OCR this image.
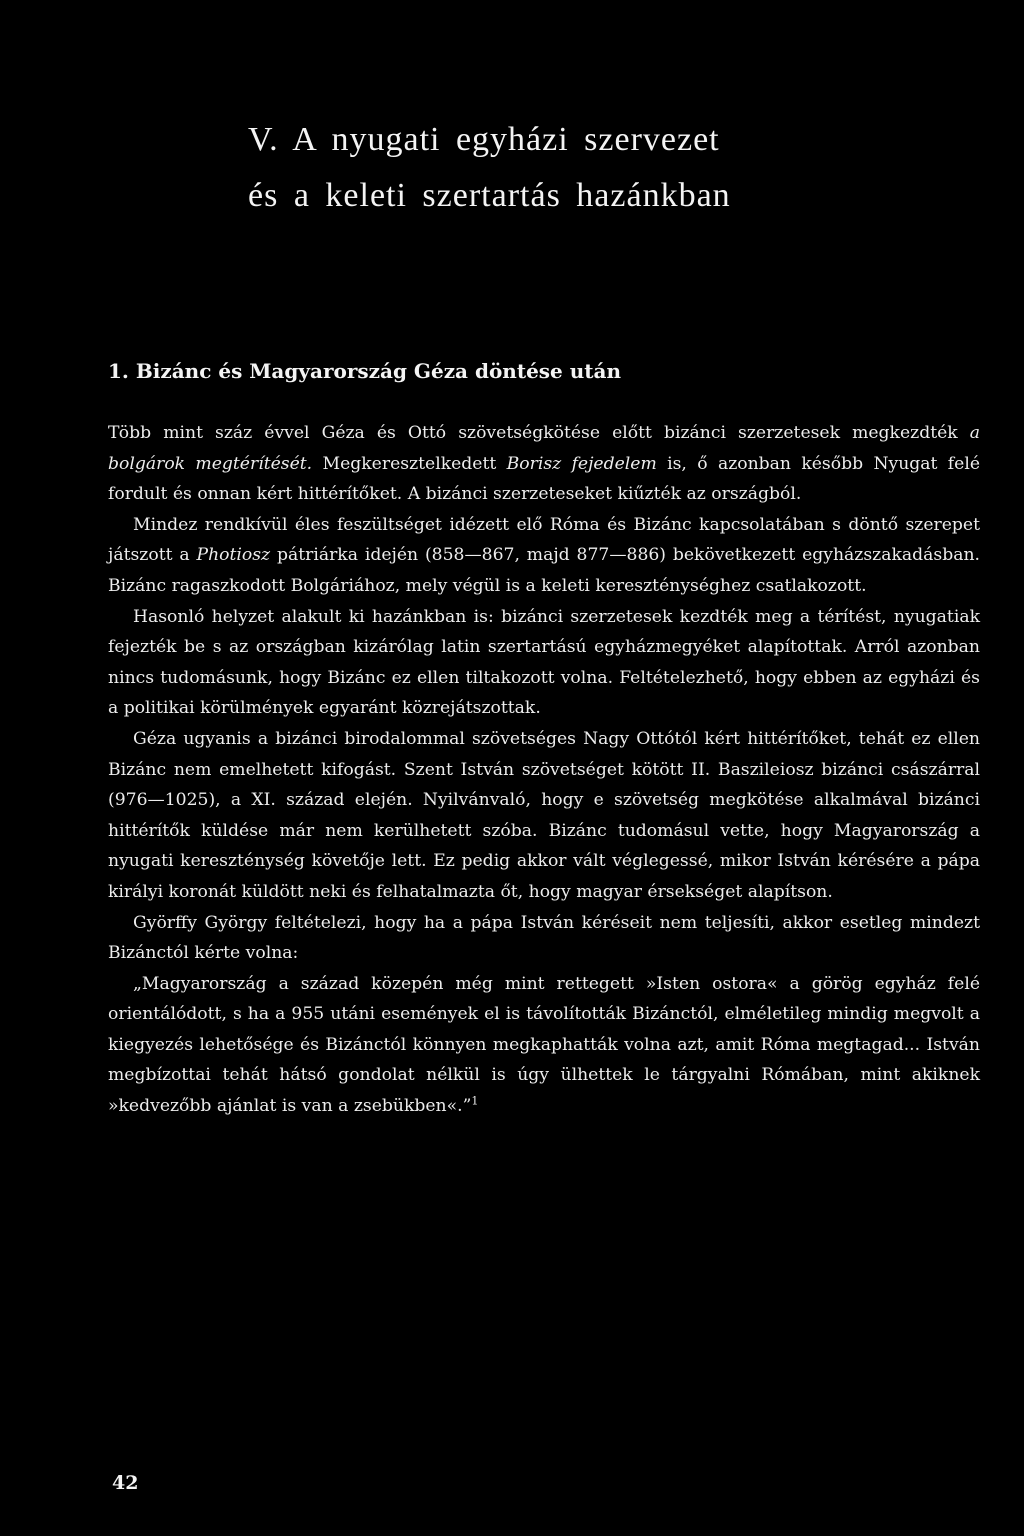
V. A nyugati egyházi szervezet
és a keleti szertartás hazánkban
1. Bizánc és Magyarország Géza döntése után

Több mint száz évvel Géza és Ottó szövetségkötése előtt bizánci szerzetesek megkezdték a bolgárok megtérítését. Megkeresztelkedett Borisz fejedelem is, ő azonban később Nyugat felé fordult és onnan kért hittérítőket. A bizánci szerzeteseket kiűzték az országból.

Mindez rendkívül éles feszültséget idézett elő Róma és Bizánc kapcsolatában s döntő szerepet játszott a Photiosz pátriárka idején (858—867, majd 877—886) bekövetkezett egyházszakadásban. Bizánc ragaszkodott Bolgáriához, mely végül is a keleti kereszténységhez csatlakozott.

Hasonló helyzet alakult ki hazánkban is: bizánci szerzetesek kezdték meg a térítést, nyugatiak fejezték be s az országban kizárólag latin szertartású egyházmegyéket alapítottak. Arról azonban nincs tudomásunk, hogy Bizánc ez ellen tiltakozott volna. Feltételezhető, hogy ebben az egyházi és a politikai körülmények egyaránt közrejátszottak.

Géza ugyanis a bizánci birodalommal szövetséges Nagy Ottótól kért hittérítőket, tehát ez ellen Bizánc nem emelhetett kifogást. Szent István szövetséget kötött II. Baszileiosz bizánci császárral (976—1025), a XI. század elején. Nyilvánvaló, hogy e szövetség megkötése alkalmával bizánci hittérítők küldése már nem kerülhetett szóba. Bizánc tudomásul vette, hogy Magyarország a nyugati kereszténység követője lett. Ez pedig akkor vált véglegessé, mikor István kérésére a pápa királyi koronát küldött neki és felhatalmazta őt, hogy magyar érsekséget alapítson.

Györffy György feltételezi, hogy ha a pápa István kéréseit nem teljesíti, akkor esetleg mindezt Bizánctól kérte volna:

„Magyarország a század közepén még mint rettegett »Isten ostora« a görög egyház felé orientálódott, s ha a 955 utáni események el is távolították Bizánctól, elméletileg mindig megvolt a kiegyezés lehetősége és Bizánctól könnyen megkaphatták volna azt, amit Róma megtagad... István megbízottai tehát hátsó gondolat nélkül is úgy ülhettek le tárgyalni Rómában, mint akiknek »kedvezőbb ajánlat is van a zsebükben«.”$^1$

42
